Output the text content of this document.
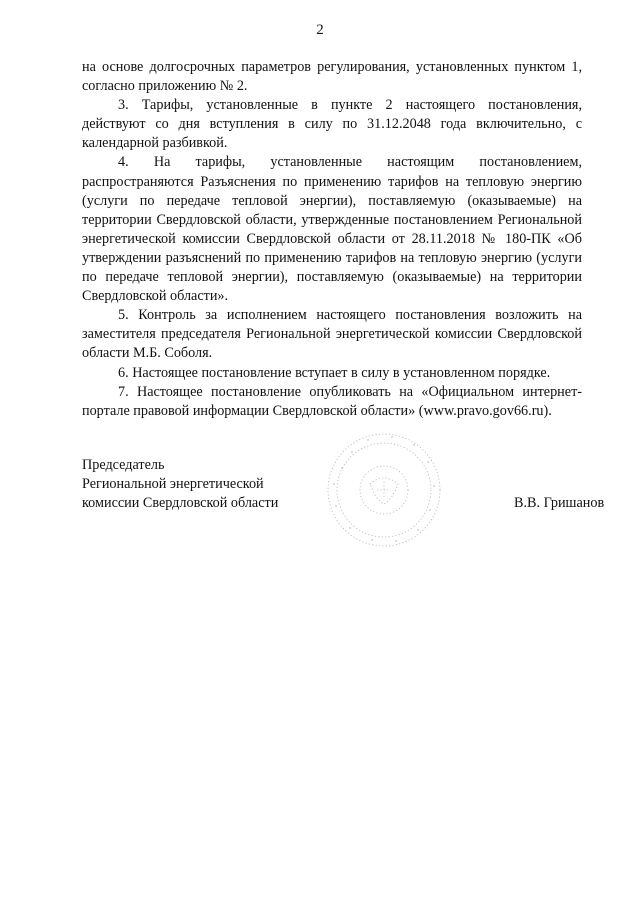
2

на основе долгосрочных параметров регулирования, установленных пунктом 1, согласно приложению № 2.

3. Тарифы, установленные в пункте 2 настоящего постановления, действуют со дня вступления в силу по 31.12.2048 года включительно, с календарной разбивкой.

4. На тарифы, установленные настоящим постановлением, распространяются Разъяснения по применению тарифов на тепловую энергию (услуги по передаче тепловой энергии), поставляемую (оказываемые) на территории Свердловской области, утвержденные постановлением Региональной энергетической комиссии Свердловской области от 28.11.2018 № 180-ПК «Об утверждении разъяснений по применению тарифов на тепловую энергию (услуги по передаче тепловой энергии), поставляемую (оказываемые) на территории Свердловской области».

5. Контроль за исполнением настоящего постановления возложить на заместителя председателя Региональной энергетической комиссии Свердловской области М.Б. Соболя.

6. Настоящее постановление вступает в силу в установленном порядке.

7. Настоящее постановление опубликовать на «Официальном интернет-портале правовой информации Свердловской области» (www.pravo.gov66.ru).

Председатель
Региональной энергетической
комиссии Свердловской области	В.В. Гришанов
